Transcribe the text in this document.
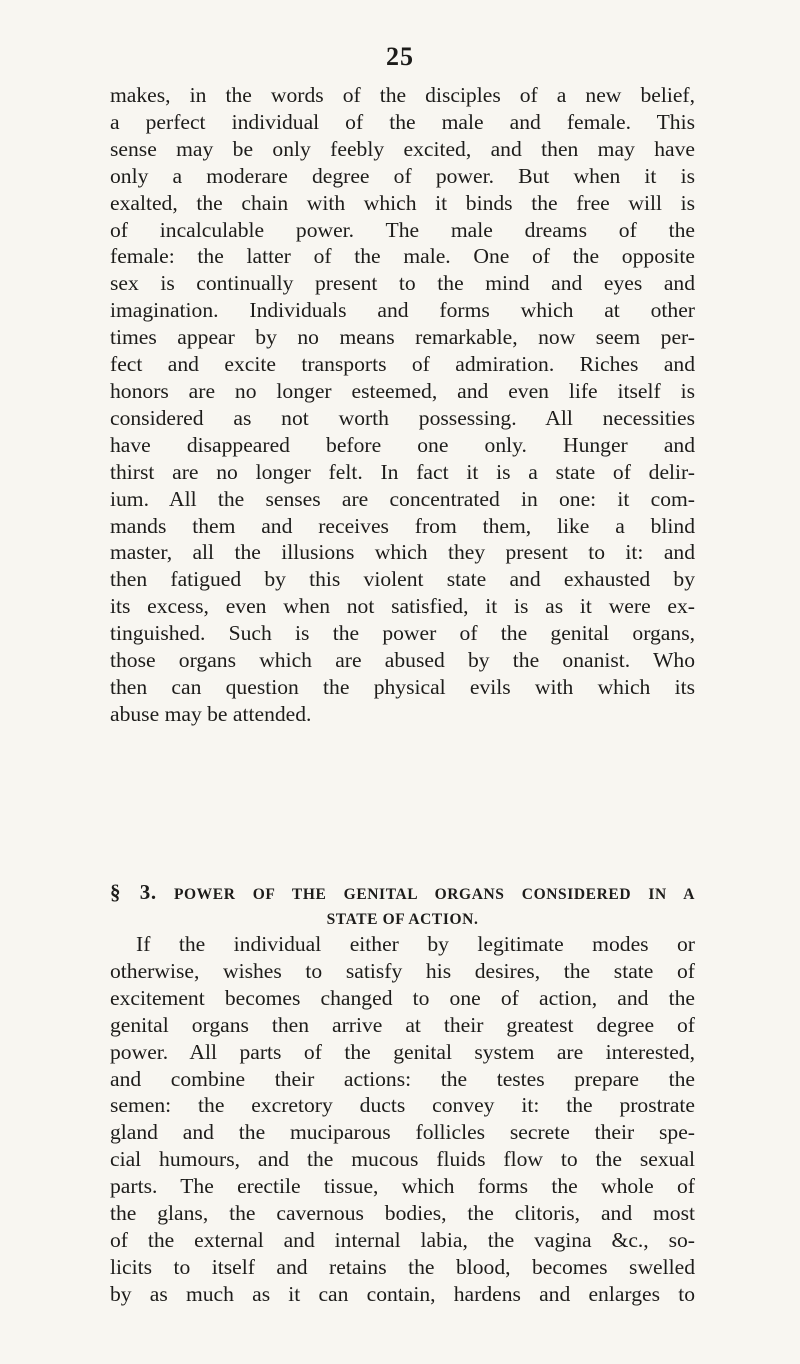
25
makes, in the words of the disciples of a new belief,
a perfect individual of the male and female. This
sense may be only feebly excited, and then may have
only a moderare degree of power. But when it is
exalted, the chain with which it binds the free will is
of incalculable power. The male dreams of the
female: the latter of the male. One of the opposite
sex is continually present to the mind and eyes and
imagination. Individuals and forms which at other
times appear by no means remarkable, now seem per-
fect and excite transports of admiration. Riches and
honors are no longer esteemed, and even life itself is
considered as not worth possessing. All necessities
have disappeared before one only. Hunger and
thirst are no longer felt. In fact it is a state of delir-
ium. All the senses are concentrated in one: it com-
mands them and receives from them, like a blind
master, all the illusions which they present to it: and
then fatigued by this violent state and exhausted by
its excess, even when not satisfied, it is as it were ex-
tinguished. Such is the power of the genital organs,
those organs which are abused by the onanist. Who
then can question the physical evils with which its
abuse may be attended.
§ 3. POWER OF THE GENITAL ORGANS CONSIDERED IN A
STATE OF ACTION.
If the individual either by legitimate modes or
otherwise, wishes to satisfy his desires, the state of
excitement becomes changed to one of action, and the
genital organs then arrive at their greatest degree of
power. All parts of the genital system are interested,
and combine their actions: the testes prepare the
semen: the excretory ducts convey it: the prostrate
gland and the muciparous follicles secrete their spe-
cial humours, and the mucous fluids flow to the sexual
parts. The erectile tissue, which forms the whole of
the glans, the cavernous bodies, the clitoris, and most
of the external and internal labia, the vagina &c., so-
licits to itself and retains the blood, becomes swelled
by as much as it can contain, hardens and enlarges to
